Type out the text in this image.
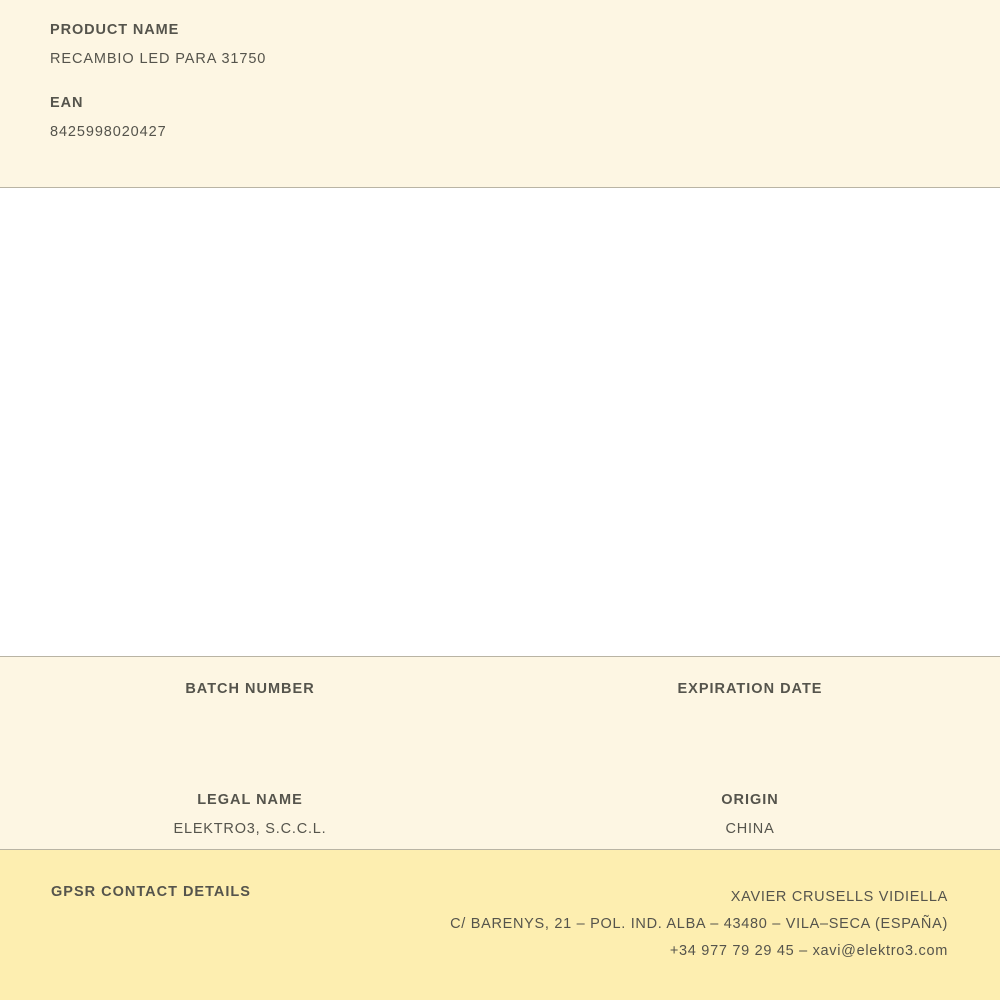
PRODUCT NAME
RECAMBIO LED PARA 31750
EAN
8425998020427
BATCH NUMBER	EXPIRATION DATE
LEGAL NAME
ELEKTRO3, S.C.C.L.
ORIGIN
CHINA
GPSR CONTACT DETAILS	XAVIER CRUSELLS VIDIELLA
C/ BARENYS, 21 – POL. IND. ALBA – 43480 – VILA–SECA (ESPAÑA)
+34 977 79 29 45 – xavi@elektro3.com
